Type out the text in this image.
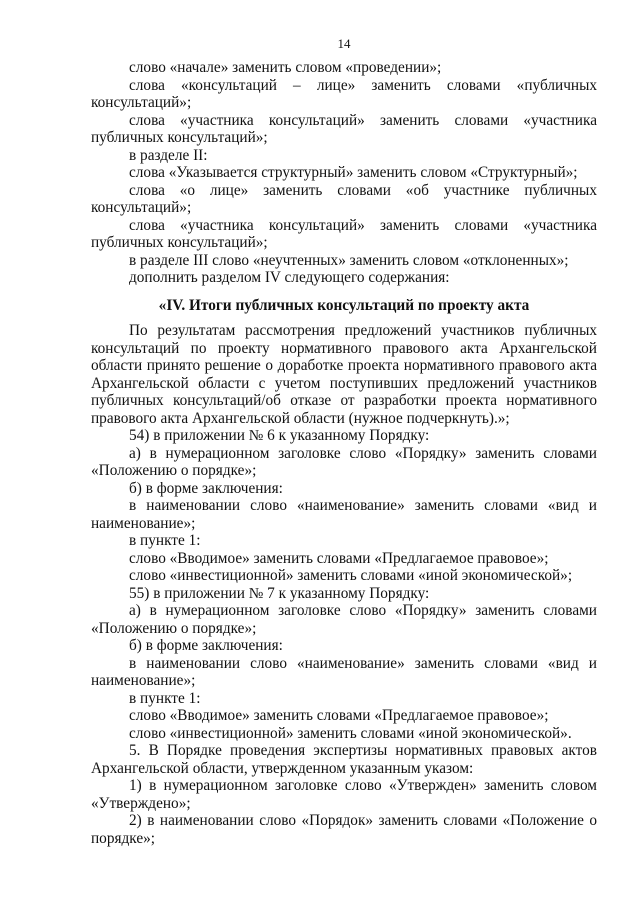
14

слово «начале» заменить словом «проведении»;

слова «консультаций – лице» заменить словами «публичных консультаций»;

слова «участника консультаций» заменить словами «участника публичных консультаций»;

в разделе II:

слова «Указывается структурный» заменить словом «Структурный»;

слова «о лице» заменить словами «об участнике публичных консультаций»;

слова «участника консультаций» заменить словами «участника публичных консультаций»;

в разделе III слово «неучтенных» заменить словом «отклоненных»;

дополнить разделом IV следующего содержания:

«IV. Итоги публичных консультаций по проекту акта

По результатам рассмотрения предложений участников публичных консультаций по проекту нормативного правового акта Архангельской области принято решение о доработке проекта нормативного правового акта Архангельской области с учетом поступивших предложений участников публичных консультаций/об отказе от разработки проекта нормативного правового акта Архангельской области (нужное подчеркнуть).»;

54) в приложении № 6 к указанному Порядку:

а) в нумерационном заголовке слово «Порядку» заменить словами «Положению о порядке»;

б) в форме заключения:

в наименовании слово «наименование» заменить словами «вид и наименование»;

в пункте 1:

слово «Вводимое» заменить словами «Предлагаемое правовое»;

слово «инвестиционной» заменить словами «иной экономической»;

55) в приложении № 7 к указанному Порядку:

а) в нумерационном заголовке слово «Порядку» заменить словами «Положению о порядке»;

б) в форме заключения:

в наименовании слово «наименование» заменить словами «вид и наименование»;

в пункте 1:

слово «Вводимое» заменить словами «Предлагаемое правовое»;

слово «инвестиционной» заменить словами «иной экономической».

5. В Порядке проведения экспертизы нормативных правовых актов Архангельской области, утвержденном указанным указом:

1) в нумерационном заголовке слово «Утвержден» заменить словом «Утверждено»;

2) в наименовании слово «Порядок» заменить словами «Положение о порядке»;
